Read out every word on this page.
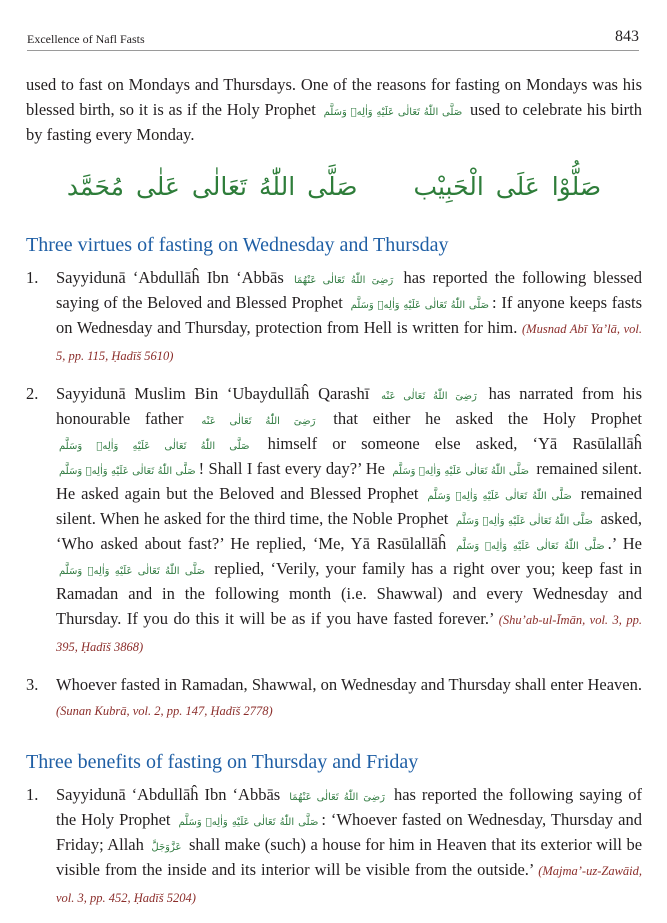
Excellence of Nafl Fasts	843

used to fast on Mondays and Thursdays. One of the reasons for fasting on Mondays was his blessed birth, so it is as if the Holy Prophet صَلَّى اللّٰهُ تَعَالٰى عَلَيْهِ وَاٰلِهٖ وَسَلَّم used to celebrate his birth by fasting every Monday.

صَلُّوْا عَلَى الْحَبِيْب صَلَّى اللّٰهُ تَعَالٰى عَلٰى مُحَمَّد
Three virtues of fasting on Wednesday and Thursday
1. Sayyidunā ‘Abdullāĥ Ibn ‘Abbās رَضِیَ اللّٰهُ تَعَالٰی عَنْهُمَا has reported the following blessed saying of the Beloved and Blessed Prophet صَلَّى اللّٰهُ تَعَالٰى عَلَيْهِ وَاٰلِهٖ وَسَلَّم : If anyone keeps fasts on Wednesday and Thursday, protection from Hell is written for him. (Musnad Abī Ya’lā, vol. 5, pp. 115, Ḥadīš 5610)

2. Sayyidunā Muslim Bin ‘Ubaydullāĥ Qarashī رَضِیَ اللّٰهُ تَعَالٰی عَنْه has narrated from his honourable father رَضِیَ اللّٰهُ تَعَالٰی عَنْه that either he asked the Holy Prophet صَلَّى اللّٰهُ تَعَالٰى عَلَيْهِ وَاٰلِهٖ وَسَلَّم himself or someone else asked, ‘Yā Rasūlallāĥ صَلَّى اللّٰهُ تَعَالٰى عَلَيْهِ وَاٰلِهٖ وَسَلَّم ! Shall I fast every day?’ He صَلَّى اللّٰهُ تَعَالٰى عَلَيْهِ وَاٰلِهٖ وَسَلَّم remained silent. He asked again but the Beloved and Blessed Prophet صَلَّى اللّٰهُ تَعَالٰى عَلَيْهِ وَاٰلِهٖ وَسَلَّم remained silent. When he asked for the third time, the Noble Prophet صَلَّى اللّٰهُ تَعَالٰى عَلَيْهِ وَاٰلِهٖ وَسَلَّم asked, ‘Who asked about fast?’ He replied, ‘Me, Yā Rasūlallāĥ صَلَّى اللّٰهُ تَعَالٰى عَلَيْهِ وَاٰلِهٖ وَسَلَّم .’ He صَلَّى اللّٰهُ تَعَالٰى عَلَيْهِ وَاٰلِهٖ وَسَلَّم replied, ‘Verily, your family has a right over you; keep fast in Ramadan and in the following month (i.e. Shawwal) and every Wednesday and Thursday. If you do this it will be as if you have fasted forever.’ (Shu’ab-ul-Īmān, vol. 3, pp. 395, Ḥadīš 3868)

3. Whoever fasted in Ramadan, Shawwal, on Wednesday and Thursday shall enter Heaven. (Sunan Kubrā, vol. 2, pp. 147, Ḥadīš 2778)

Three benefits of fasting on Thursday and Friday
1. Sayyidunā ‘Abdullāĥ Ibn ‘Abbās رَضِیَ اللّٰهُ تَعَالٰی عَنْهُمَا has reported the following saying of the Holy Prophet صَلَّى اللّٰهُ تَعَالٰى عَلَيْهِ وَاٰلِهٖ وَسَلَّم : ‘Whoever fasted on Wednesday, Thursday and Friday; Allah عَزَّوَجَلَّ shall make (such) a house for him in Heaven that its exterior will be visible from the inside and its interior will be visible from the outside.’ (Majma’-uz-Zawāid, vol. 3, pp. 452, Ḥadīš 5204)
